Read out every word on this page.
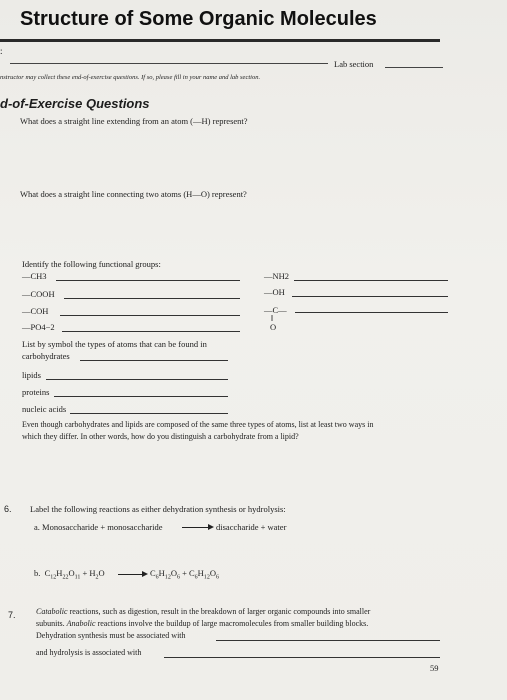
Structure of Some Organic Molecules
:
Lab section
nstructor may collect these end-of-exercise questions. If so, please fill in your name and lab section.
d-of-Exercise Questions
What does a straight line extending from an atom (—H) represent?
What does a straight line connecting two atoms (H—O) represent?
Identify the following functional groups:
—CH3	—NH2
—COOH	—OH
—COH	—C—
‖
O
—PO4−2
List by symbol the types of atoms that can be found in
carbohydrates
lipids
proteins
nucleic acids
Even though carbohydrates and lipids are composed of the same three types of atoms, list at least two ways in
which they differ. In other words, how do you distinguish a carbohydrate from a lipid?
6. Label the following reactions as either dehydration synthesis or hydrolysis:
a. Monosaccharide + monosaccharide	disaccharide + water
b.  $C_{12}H_{22}O_{11} + H_2O$	$C_6H_{12}O_6 + C_6H_{12}O_6$
7.	Catabolic reactions, such as digestion, result in the breakdown of larger organic compounds into smaller
subunits. Anabolic reactions involve the buildup of large macromolecules from smaller building blocks.
Dehydration synthesis must be associated with
and hydrolysis is associated with
59
